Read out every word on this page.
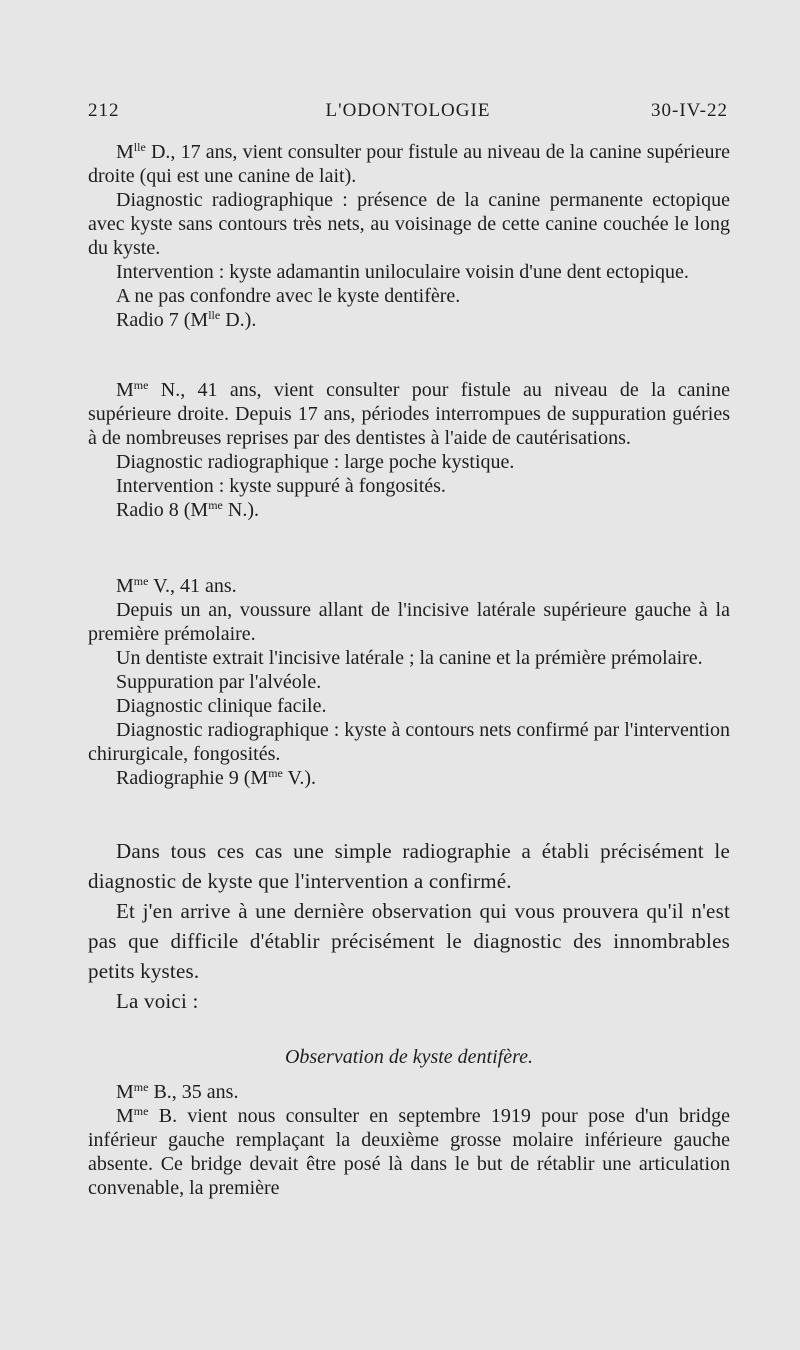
212	L'ODONTOLOGIE	30-IV-22

$M^{lle}$ D., 17 ans, vient consulter pour fistule au niveau de la canine supérieure droite (qui est une canine de lait).

Diagnostic radiographique : présence de la canine permanente ectopique avec kyste sans contours très nets, au voisinage de cette canine couchée le long du kyste.

Intervention : kyste adamantin uniloculaire voisin d'une dent ectopique.

A ne pas confondre avec le kyste dentifère.

Radio 7 ($M^{lle}$ D.).

$M^{me}$ N., 41 ans, vient consulter pour fistule au niveau de la canine supérieure droite. Depuis 17 ans, périodes interrompues de suppuration guéries à de nombreuses reprises par des dentistes à l'aide de cautérisations.

Diagnostic radiographique : large poche kystique.

Intervention : kyste suppuré à fongosités.

Radio 8 ($M^{me}$ N.).

$M^{me}$ V., 41 ans.

Depuis un an, voussure allant de l'incisive latérale supérieure gauche à la première prémolaire.

Un dentiste extrait l'incisive latérale ; la canine et la prémière prémolaire.

Suppuration par l'alvéole.

Diagnostic clinique facile.

Diagnostic radiographique : kyste à contours nets confirmé par l'intervention chirurgicale, fongosités.

Radiographie 9 ($M^{me}$ V.).

Dans tous ces cas une simple radiographie a établi précisément le diagnostic de kyste que l'intervention a confirmé.

Et j'en arrive à une dernière observation qui vous prouvera qu'il n'est pas que difficile d'établir précisément le diagnostic des innombrables petits kystes.

La voici :

Observation de kyste dentifère.

$M^{me}$ B., 35 ans.

$M^{me}$ B. vient nous consulter en septembre 1919 pour pose d'un bridge inférieur gauche remplaçant la deuxième grosse molaire inférieure gauche absente. Ce bridge devait être posé là dans le but de rétablir une articulation convenable, la première
